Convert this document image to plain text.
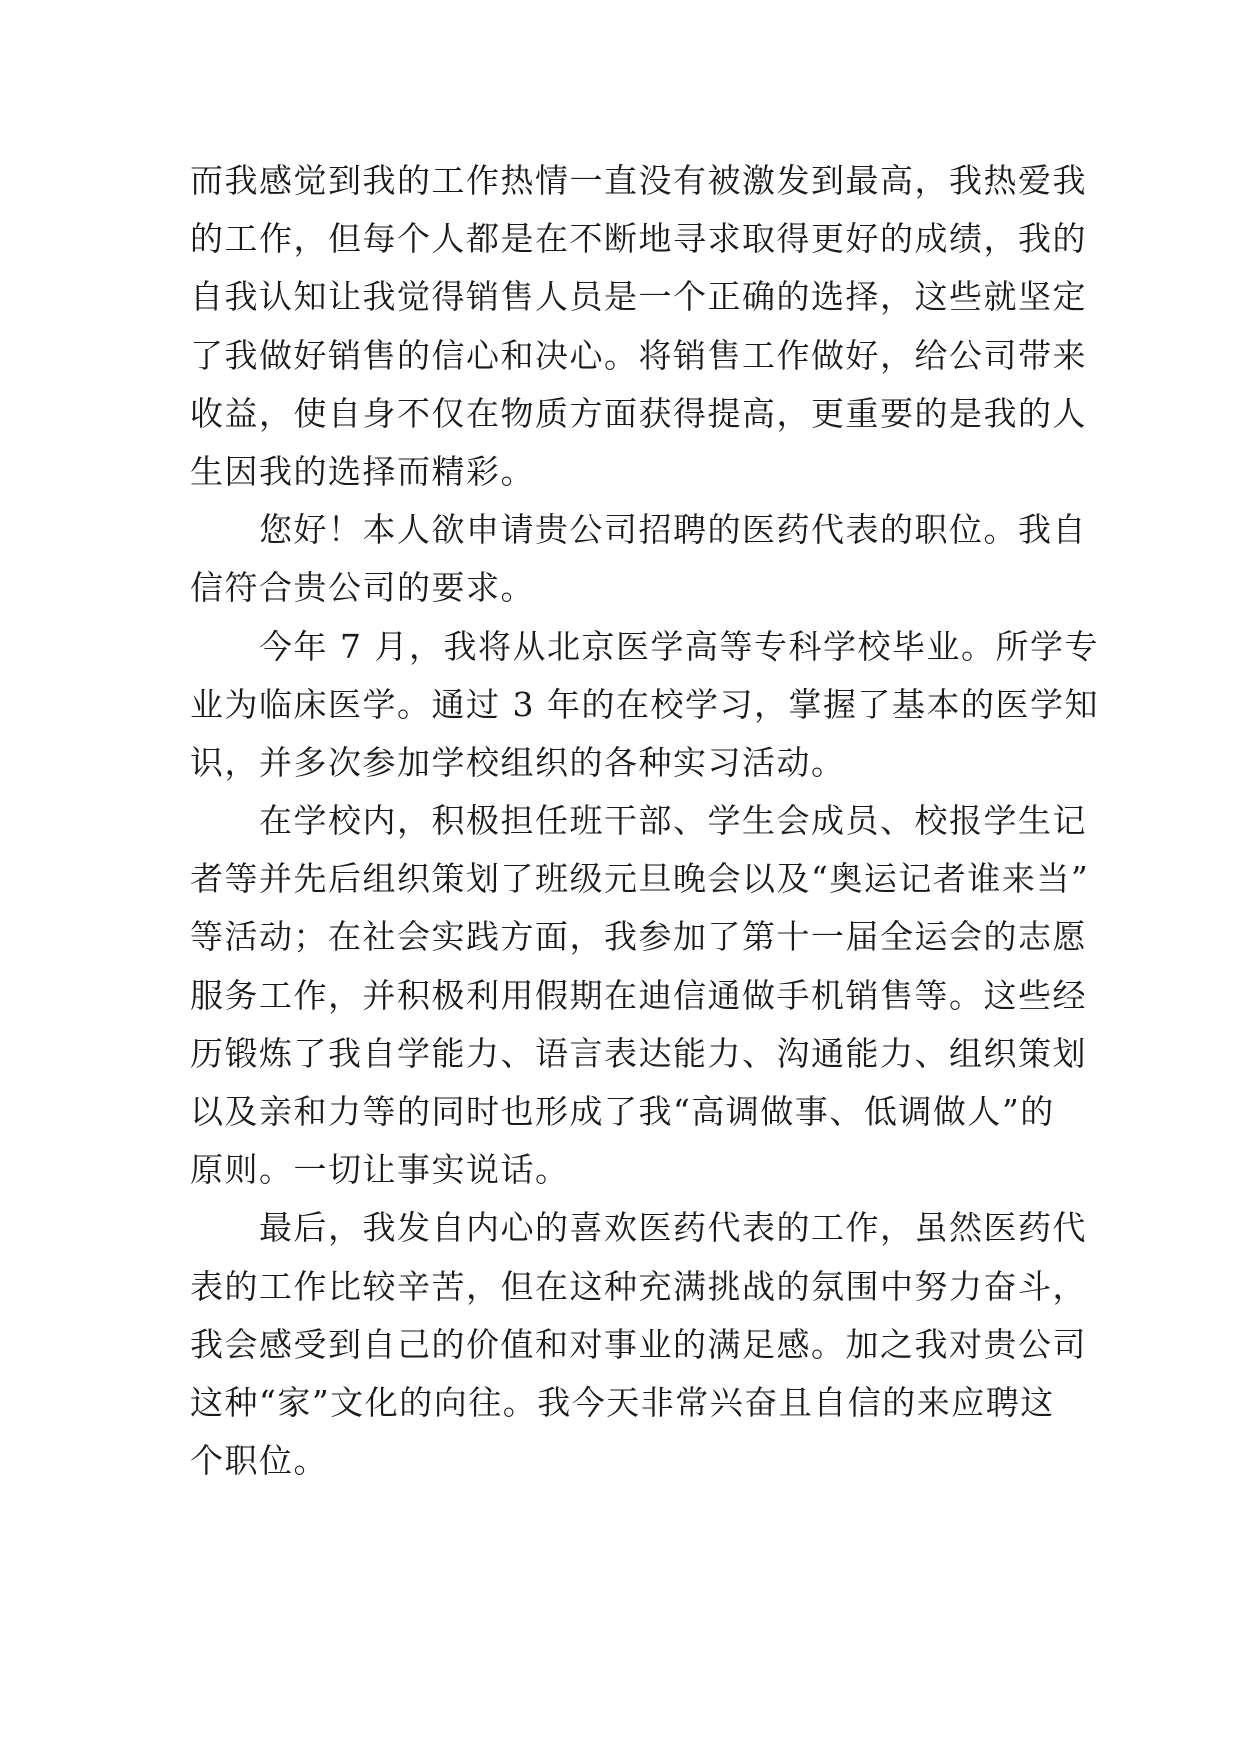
而我感觉到我的工作热情一直没有被激发到最高，我热爱我
的工作，但每个人都是在不断地寻求取得更好的成绩，我的
自我认知让我觉得销售人员是一个正确的选择，这些就坚定
了我做好销售的信心和决心。将销售工作做好，给公司带来
收益，使自身不仅在物质方面获得提高，更重要的是我的人
生因我的选择而精彩。
　　您好！本人欲申请贵公司招聘的医药代表的职位。我自
信符合贵公司的要求。
　　今年 7 月，我将从北京医学高等专科学校毕业。所学专
业为临床医学。通过 3 年的在校学习，掌握了基本的医学知
识，并多次参加学校组织的各种实习活动。
　　在学校内，积极担任班干部、学生会成员、校报学生记
者等并先后组织策划了班级元旦晚会以及“奥运记者谁来当”
等活动；在社会实践方面，我参加了第十一届全运会的志愿
服务工作，并积极利用假期在迪信通做手机销售等。这些经
历锻炼了我自学能力、语言表达能力、沟通能力、组织策划
以及亲和力等的同时也形成了我“高调做事、低调做人”的
原则。一切让事实说话。
　　最后，我发自内心的喜欢医药代表的工作，虽然医药代
表的工作比较辛苦，但在这种充满挑战的氛围中努力奋斗，
我会感受到自己的价值和对事业的满足感。加之我对贵公司
这种“家”文化的向往。我今天非常兴奋且自信的来应聘这
个职位。
